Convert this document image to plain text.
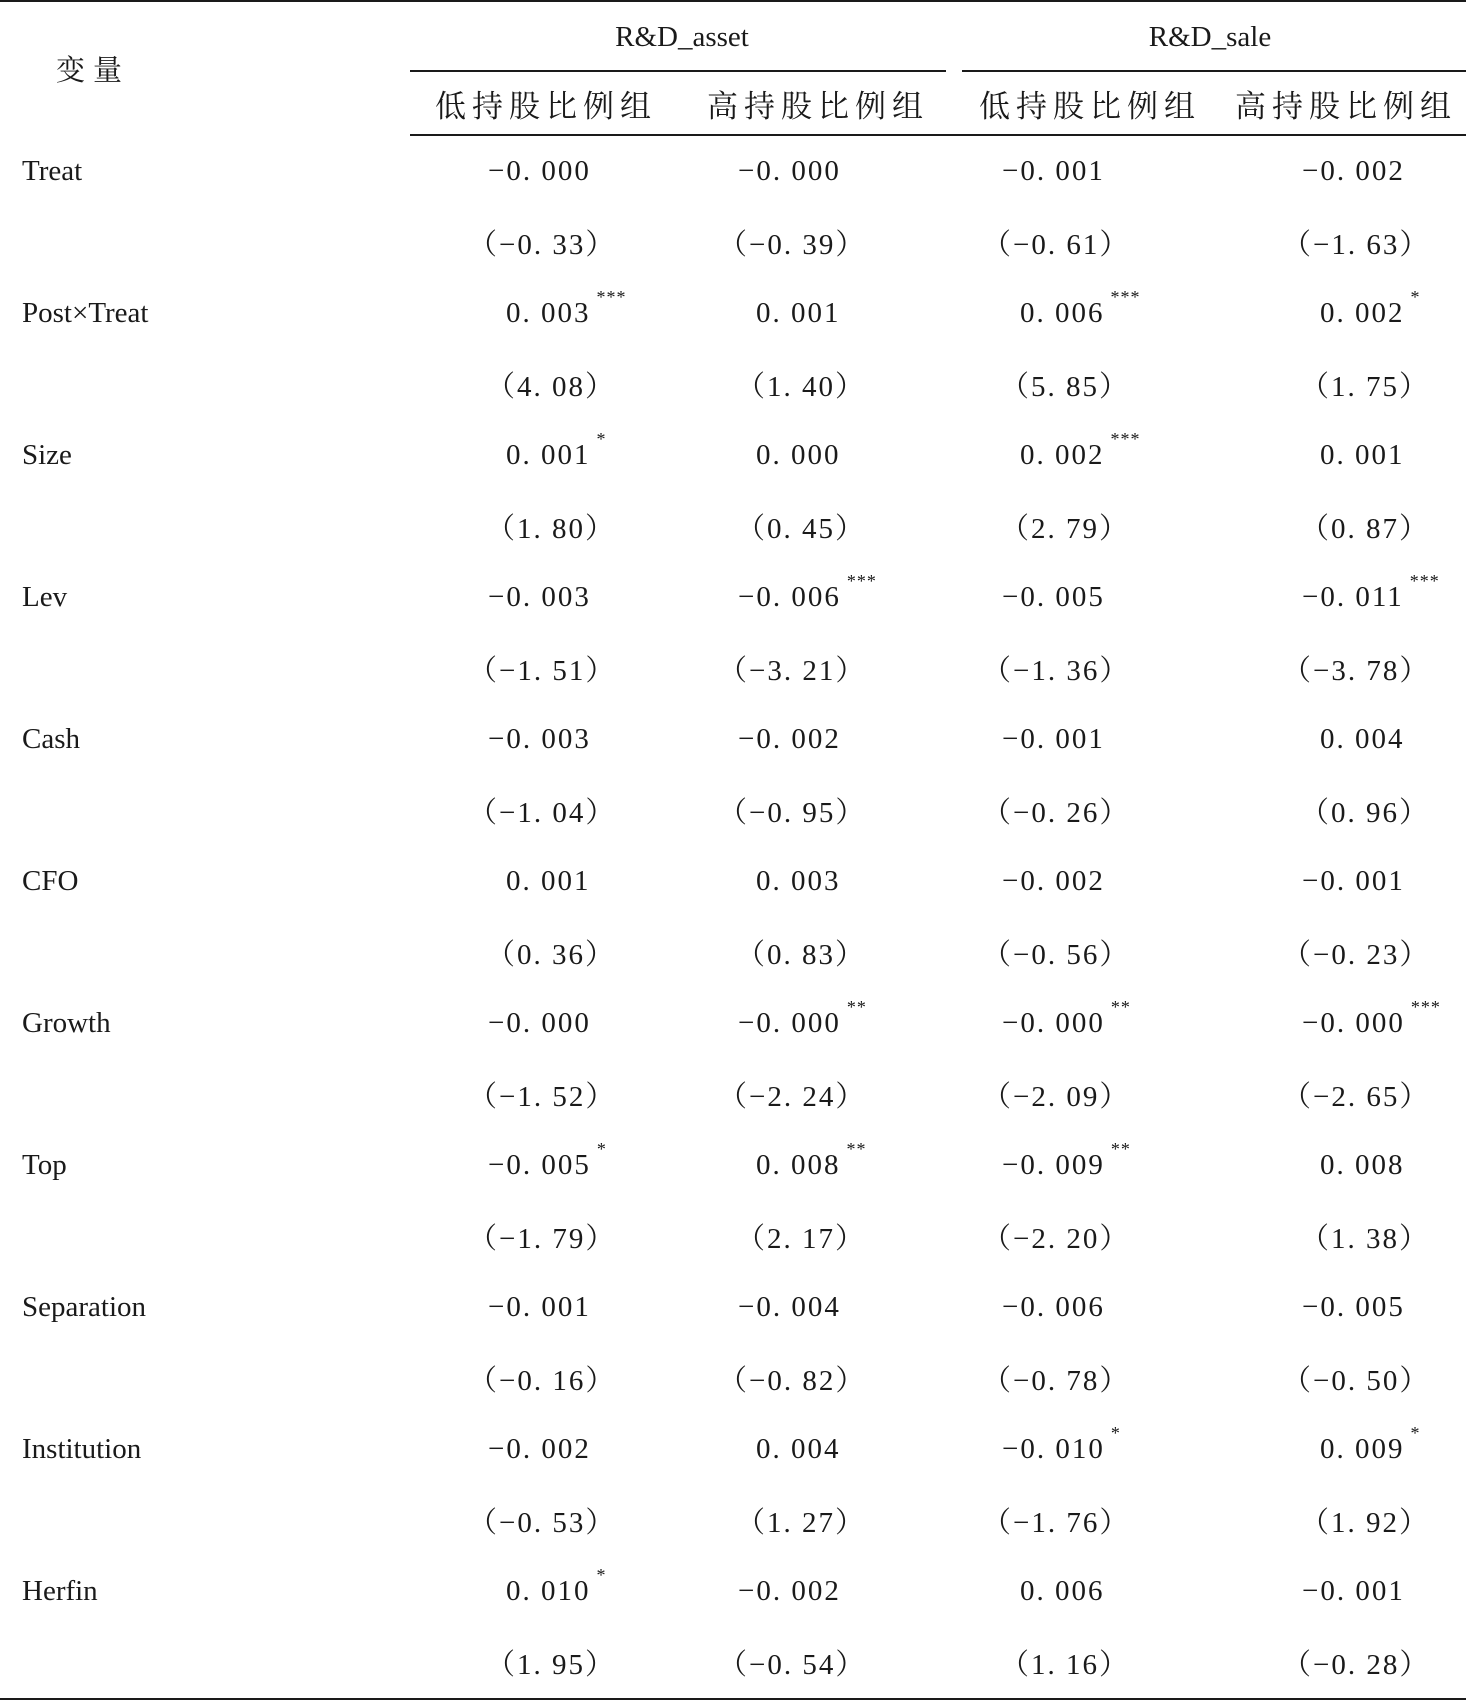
变量	R&D_asset		R&D_sale	

	低持股比例组	高持股比例组	低持股比例组	高持股比例组
Treat	−0. 000	−0. 000	−0. 001	−0. 002

	（−0. 33）	（−0. 39）	（−0. 61）	（−1. 63）
Post×Treat	0. 003 ***	0. 001	0. 006 ***	0. 002 *

	（4. 08）	（1. 40）	（5. 85）	（1. 75）
Size	0. 001 *	0. 000	0. 002 ***	0. 001

	（1. 80）	（0. 45）	（2. 79）	（0. 87）
Lev	−0. 003	−0. 006 ***	−0. 005	−0. 011 ***

	（−1. 51）	（−3. 21）	（−1. 36）	（−3. 78）
Cash	−0. 003	−0. 002	−0. 001	0. 004

	（−1. 04）	（−0. 95）	（−0. 26）	（0. 96）
CFO	0. 001	0. 003	−0. 002	−0. 001

	（0. 36）	（0. 83）	（−0. 56）	（−0. 23）
Growth	−0. 000	−0. 000 **	−0. 000 **	−0. 000 ***

	（−1. 52）	（−2. 24）	（−2. 09）	（−2. 65）
Top	−0. 005 *	0. 008 **	−0. 009 **	0. 008

	（−1. 79）	（2. 17）	（−2. 20）	（1. 38）
Separation	−0. 001	−0. 004	−0. 006	−0. 005

	（−0. 16）	（−0. 82）	（−0. 78）	（−0. 50）
Institution	−0. 002	0. 004	−0. 010 *	0. 009 *

	（−0. 53）	（1. 27）	（−1. 76）	（1. 92）
Herfin	0. 010 *	−0. 002	0. 006	−0. 001

	（1. 95）	（−0. 54）	（1. 16）	（−0. 28）
